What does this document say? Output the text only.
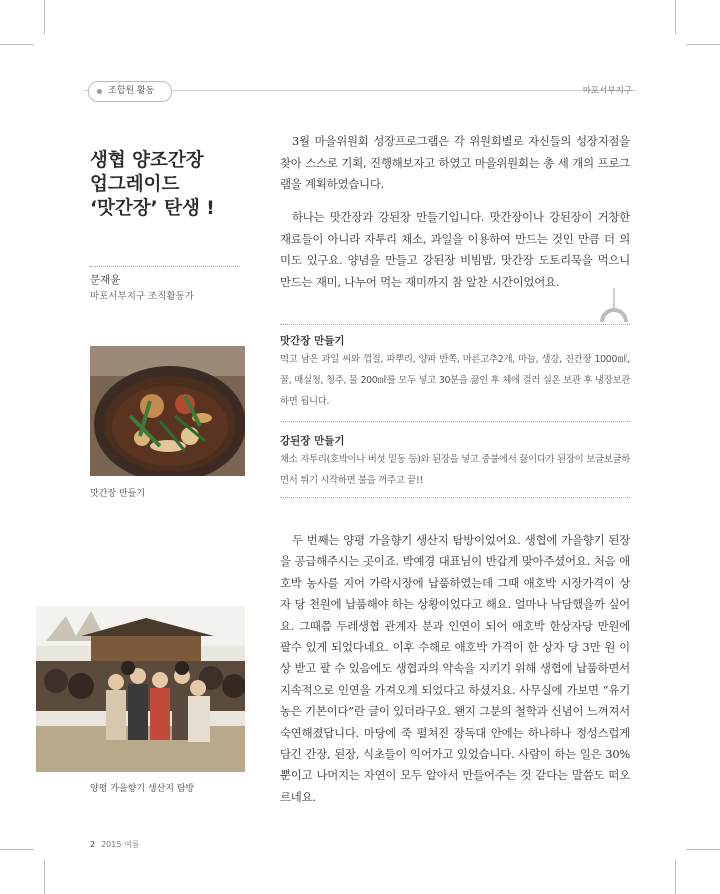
조합원 활동	마포서부지구
생협 양조간장
업그레이드
‘맛간장’ 탄생 !
문재윤
마포서부지구 조직활동가
맛간장 만들기
양평 가을향기 생산지 탐방

3월 마을위원회 성장프로그램은 각 위원회별로 자신들의 성장지점을 찾아 스스로 기획, 진행해보자고 하였고 마을위원회는 총 세 개의 프로그램을 계획하였습니다.

하나는 맛간장과 강된장 만들기입니다. 맛간장이나 강된장이 거창한 재료들이 아니라 자투리 채소, 과일을 이용하여 만드는 것인 만큼 더 의미도 있구요. 양념을 만들고 강된장 비빔밥, 맛간장 도토리묵을 먹으니 만드는 재미, 나누어 먹는 재미까지 참 알찬 시간이었어요.

맛간장 만들기

먹고 남은 과일 씨와 껍질, 파뿌리, 양파 반쪽, 마른고추2개, 마늘, 생강, 진간장 1000㎖, 꿀, 매실청, 청주, 물 200㎖를 모두 넣고 30분을 끓인 후 체에 걸러 실온 보관 후 냉장보관하면 됩니다.

강된장 만들기

채소 자투리(호박이나 버섯 밑동 등)와 된장을 넣고 중불에서 끓이다가 된장이 보글보글하면서 튀기 시작하면 불을 꺼주고 끝!!

두 번째는 양평 가을향기 생산지 탐방이었어요. 생협에 가을향기 된장을 공급해주시는 곳이죠. 박예경 대표님이 반갑게 맞아주셨어요. 처음 애호박 농사를 지어 가락시장에 납품하였는데 그때 애호박 시장가격이 상자 당 천원에 납품해야 하는 상황이었다고 해요. 얼마나 낙담했을까 싶어요. 그때쯤 두레생협 관계자 분과 인연이 되어 애호박 한상자당 만원에 팔수 있게 되었다네요. 이후 수해로 애호박 가격이 한 상자 당 3만 원 이상 받고 팔 수 있음에도 생협과의 약속을 지키기 위해 생협에 납품하면서 지속적으로 인연을 가져오게 되었다고 하셨지요. 사무실에 가보면 “유기농은 기본이다”란 글이 있더라구요. 왠지 그분의 철학과 신념이 느껴져서 숙연해졌답니다. 마당에 죽 펼쳐진 장독대 안에는 하나하나 정성스럽게 담긴 간장, 된장, 식초들이 익어가고 있었습니다. 사람이 하는 일은 30%뿐이고 나머지는 자연이 모두 알아서 만들어주는 것 같다는 말씀도 떠오르네요.

2 2015 여름
